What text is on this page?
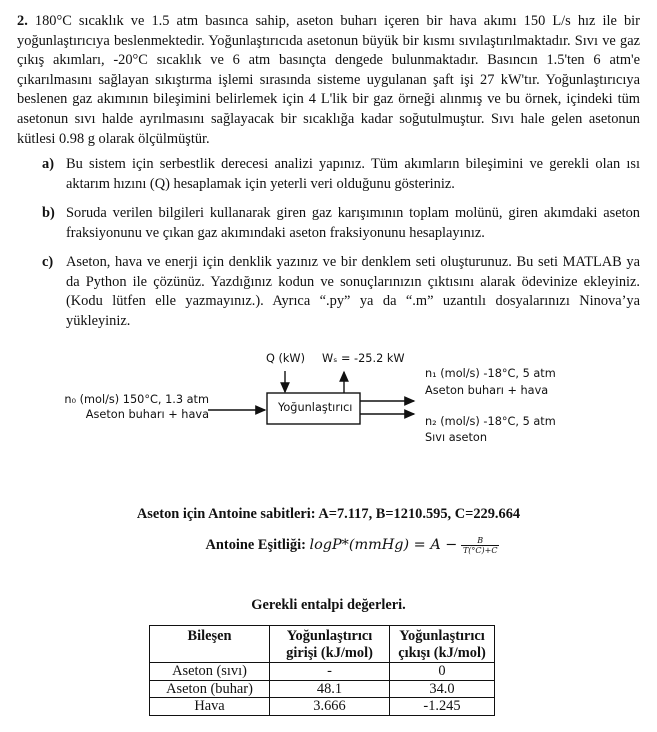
2. 180°C sıcaklık ve 1.5 atm basınca sahip, aseton buharı içeren bir hava akımı 150 L/s hız ile bir yoğunlaştırıcıya beslenmektedir. Yoğunlaştırıcıda asetonun büyük bir kısmı sıvılaştırılmaktadır. Sıvı ve gaz çıkış akımları, -20°C sıcaklık ve 6 atm basınçta dengede bulunmaktadır. Basıncın 1.5'ten 6 atm'e çıkarılmasını sağlayan sıkıştırma işlemi sırasında sisteme uygulanan şaft işi 27 kW'tır. Yoğunlaştırıcıya beslenen gaz akımının bileşimini belirlemek için 4 L'lik bir gaz örneği alınmış ve bu örnek, içindeki tüm asetonun sıvı halde ayrılmasını sağlayacak bir sıcaklığa kadar soğutulmuştur. Sıvı hale gelen asetonun kütlesi 0.98 g olarak ölçülmüştür.
a) Bu sistem için serbestlik derecesi analizi yapınız. Tüm akımların bileşimini ve gerekli olan ısı aktarım hızını (Q) hesaplamak için yeterli veri olduğunu gösteriniz.
b) Soruda verilen bilgileri kullanarak giren gaz karışımının toplam molünü, giren akımdaki aseton fraksiyonunu ve çıkan gaz akımındaki aseton fraksiyonunu hesaplayınız.
c) Aseton, hava ve enerji için denklik yazınız ve bir denklem seti oluşturunuz. Bu seti MATLAB ya da Python ile çözünüz. Yazdığınız kodun ve sonuçlarınızın çıktısını alarak ödevinize ekleyiniz. (Kodu lütfen elle yazmayınız.). Ayrıca “.py” ya da “.m” uzantılı dosyalarınızı Ninova’ya yükleyiniz.
Q (kW) Wₛ = -25.2 kW
Yoğunlaştırıcı
n₀ (mol/s) 150°C, 1.3 atm
Aseton buharı + hava
n₁ (mol/s) -18°C, 5 atm
Aseton buharı + hava
n₂ (mol/s) -18°C, 5 atm
Sıvı aseton
Aseton için Antoine sabitleri: A=7.117, B=1210.595, C=229.664
Antoine Eşitliği: logP*(mmHg) = $A - \frac{B}{T(^\circ C)+C}$
Gerekli entalpi değerleri.
Bileşen	Yoğunlaştırıcı girişi (kJ/mol)	Yoğunlaştırıcı çıkışı (kJ/mol)
Aseton (sıvı)	-	0
Aseton (buhar)	48.1	34.0
Hava	3.666	-1.245
